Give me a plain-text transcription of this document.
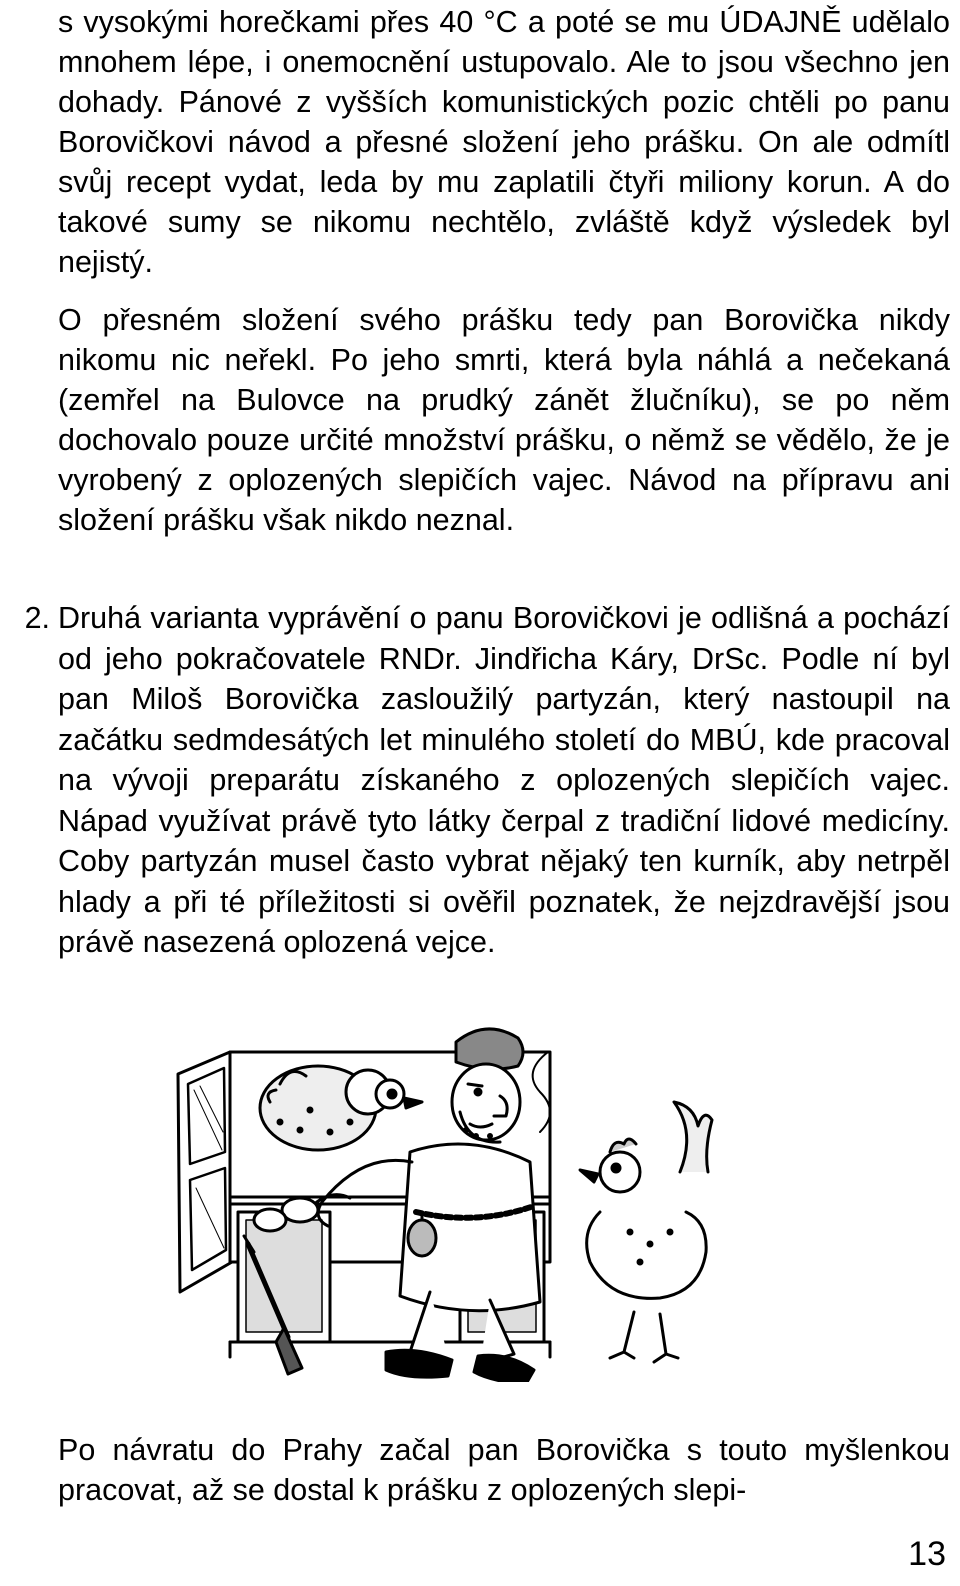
s vysokými horečkami přes 40 °C a poté se mu ÚDAJNĚ udělalo mnohem lépe, i onemocnění ustupovalo. Ale to jsou všechno jen dohady. Pánové z vyšších komunistických pozic chtěli po panu Borovičkovi návod a přesné složení jeho prášku. On ale odmítl svůj recept vydat, leda by mu zaplatili čtyři miliony korun. A do takové sumy se nikomu nechtělo, zvláště když výsledek byl nejistý.

O přesném složení svého prášku tedy pan Borovička nikdy nikomu nic neřekl. Po jeho smrti, která byla náhlá a nečekaná (zemřel na Bulovce na prudký zánět žlučníku), se po něm dochovalo pouze určité množství prášku, o němž se vědělo, že je vyrobený z oplozených slepičích vajec. Návod na přípravu ani složení prášku však nikdo neznal.

2. Druhá varianta vyprávění o panu Borovičkovi je odlišná a pochází od jeho pokračovatele RNDr. Jindřicha Káry, DrSc. Podle ní byl pan Miloš Borovička zasloužilý partyzán, který nastoupil na začátku sedmdesátých let minulého století do MBÚ, kde pracoval na vývoji preparátu získaného z oplozených slepičích vajec. Nápad využívat právě tyto látky čerpal z tradiční lidové medicíny. Coby partyzán musel často vybrat nějaký ten kurník, aby netrpěl hlady a při té příležitosti si ověřil poznatek, že nejzdravější jsou právě nasezená oplozená vejce.

Po návratu do Prahy začal pan Borovička s touto myšlenkou pracovat, až se dostal k prášku z oplozených slepi-

13
